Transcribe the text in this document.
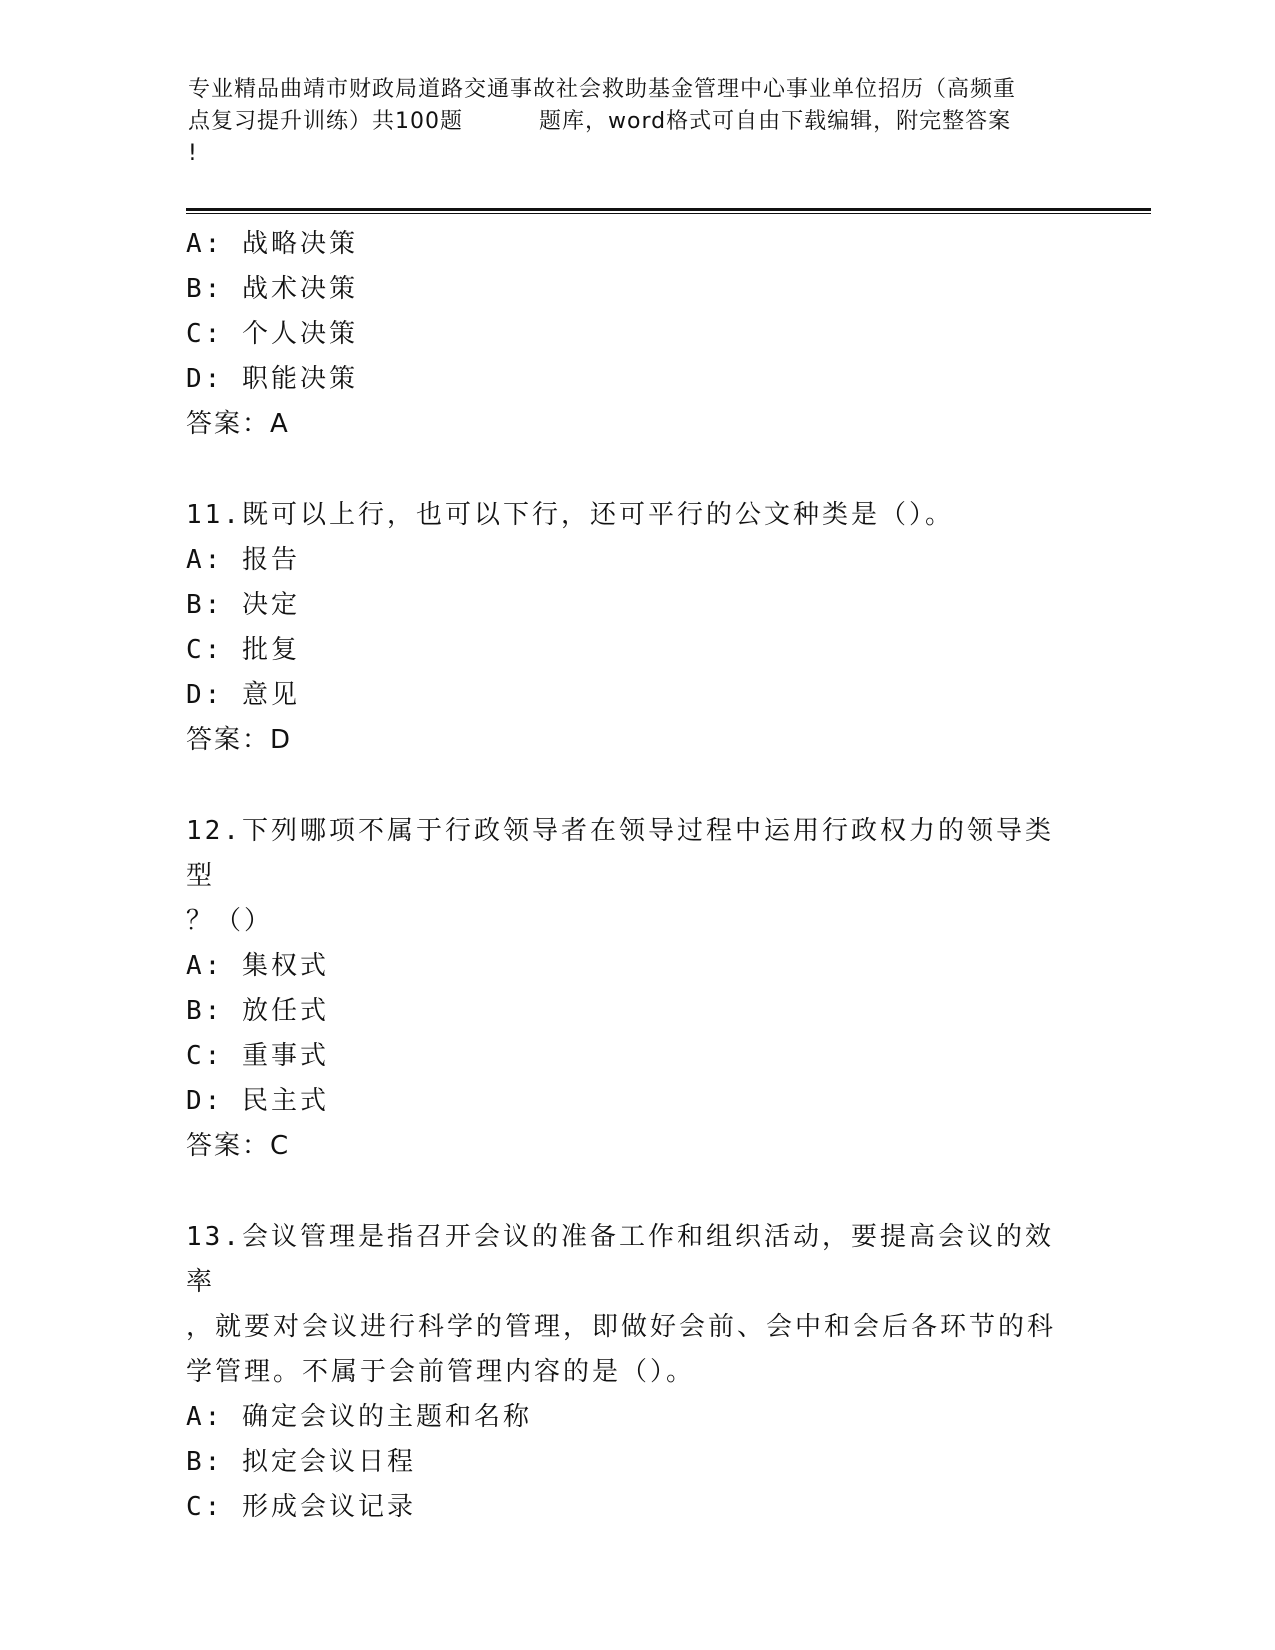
专业精品曲靖市财政局道路交通事故社会救助基金管理中心事业单位招历（高频重
点复习提升训练）共100题	题库，word格式可自由下载编辑，附完整答案
!
A: 战略决策
B: 战术决策
C: 个人决策
D: 职能决策
答案：A
11.既可以上行，也可以下行，还可平行的公文种类是（）。
A: 报告
B: 决定
C: 批复
D: 意见
答案：D
12.下列哪项不属于行政领导者在领导过程中运用行政权力的领导类型
？（）
A: 集权式
B: 放任式
C: 重事式
D: 民主式
答案：C
13.会议管理是指召开会议的准备工作和组织活动，要提高会议的效率
，就要对会议进行科学的管理，即做好会前、会中和会后各环节的科
学管理。不属于会前管理内容的是（）。
A: 确定会议的主题和名称
B: 拟定会议日程
C: 形成会议记录
